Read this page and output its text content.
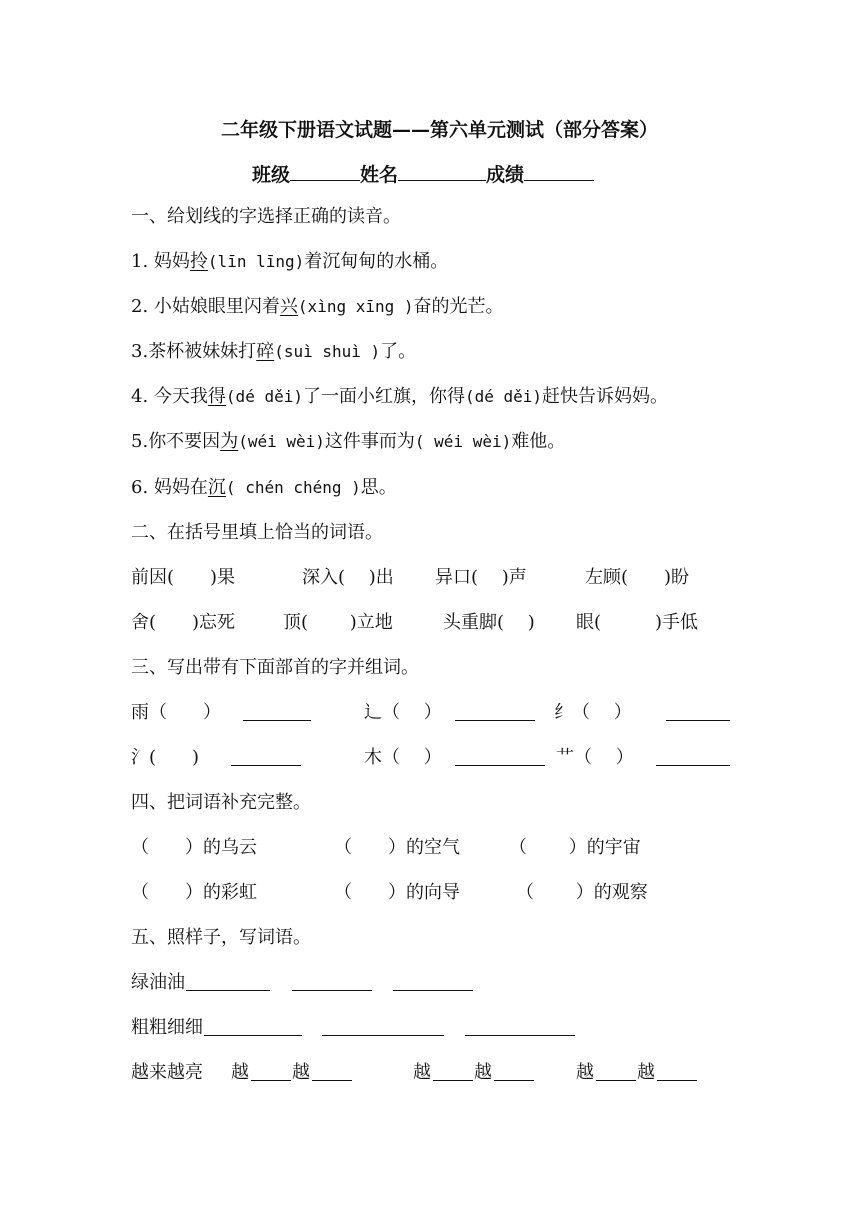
二年级下册语文试题——第六单元测试（部分答案）
班级	姓名	成绩
一、给划线的字选择正确的读音。
1. 妈妈拎(līn līng)着沉甸甸的水桶。
2. 小姑娘眼里闪着兴(xìng xīng )奋的光芒。
3.茶杯被妹妹打碎(suì shuì )了。
4. 今天我得(dé děi)了一面小红旗，你得(dé děi)赶快告诉妈妈。
5.你不要因为(wéi wèi)这件事而为( wéi wèi)难他。
6. 妈妈在沉( chén chéng )思。
二、在括号里填上恰当的词语。
前因(　　)果	深入(　 )出 异口(　 )声	左顾(　　)盼
舍(　　)忘死	顶(　　 )立地	头重脚(　 ) 眼(　　　)手低
三、写出带有下面部首的字并组词。
雨（　　）	辶（　 ）	纟（　 ）
氵(　　)	木（　 ）	艹（　 ）
四、把词语补充完整。
（　　）的乌云	（　　）的空气	（　　 ）的宇宙
（　　）的彩虹	（　　）的向导	（　　 ）的观察
五、照样子，写词语。
绿油油
粗粗细细
越来越亮 越 越	越 越	越 越
